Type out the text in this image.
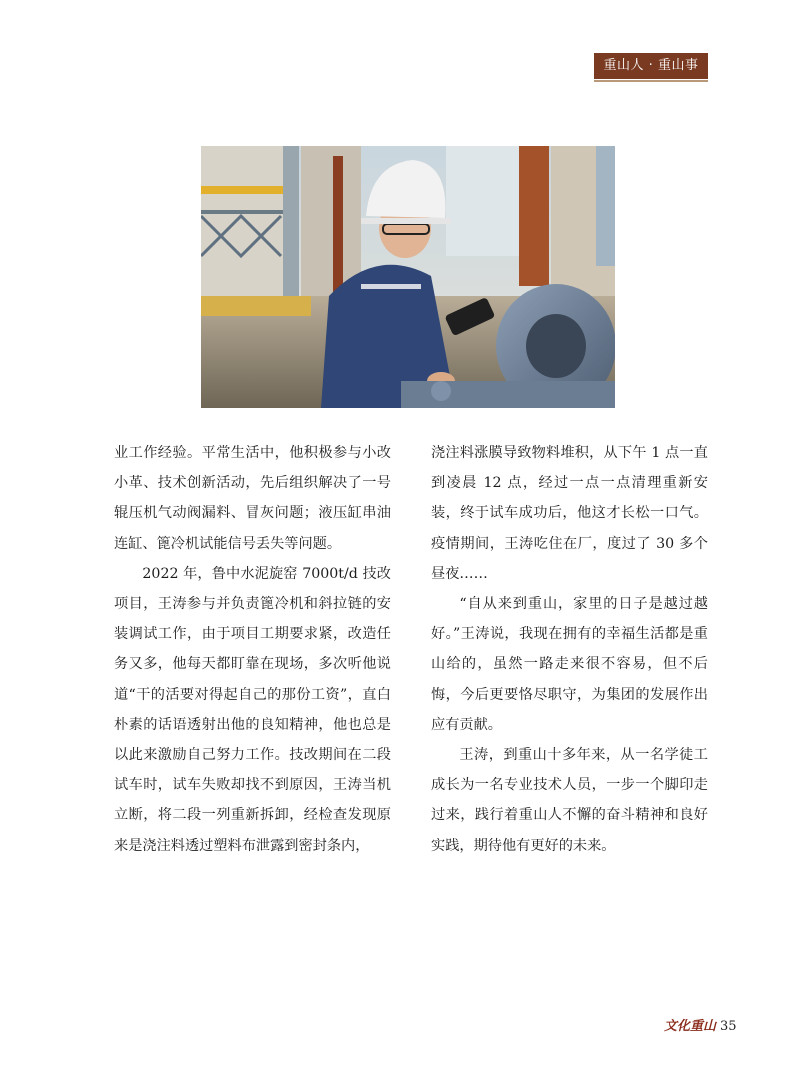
重山人 · 重山事

业工作经验。平常生活中，他积极参与小改小革、技术创新活动，先后组织解决了一号辊压机气动阀漏料、冒灰问题；液压缸串油连缸、篦冷机试能信号丢失等问题。

2022 年，鲁中水泥旋窑 7000t/d 技改项目，王涛参与并负责篦冷机和斜拉链的安装调试工作，由于项目工期要求紧，改造任务又多，他每天都盯靠在现场，多次听他说道“干的活要对得起自己的那份工资”，直白朴素的话语透射出他的良知精神，他也总是以此来激励自己努力工作。技改期间在二段试车时，试车失败却找不到原因，王涛当机立断，将二段一列重新拆卸，经检查发现原来是浇注料透过塑料布泄露到密封条内，

浇注料涨膜导致物料堆积，从下午 1 点一直到凌晨 12 点，经过一点一点清理重新安装，终于试车成功后，他这才长松一口气。疫情期间，王涛吃住在厂，度过了 30 多个昼夜……

“自从来到重山，家里的日子是越过越好。”王涛说，我现在拥有的幸福生活都是重山给的，虽然一路走来很不容易，但不后悔，今后更要恪尽职守，为集团的发展作出应有贡献。

王涛，到重山十多年来，从一名学徒工成长为一名专业技术人员，一步一个脚印走过来，践行着重山人不懈的奋斗精神和良好实践，期待他有更好的未来。

文化重山 35
